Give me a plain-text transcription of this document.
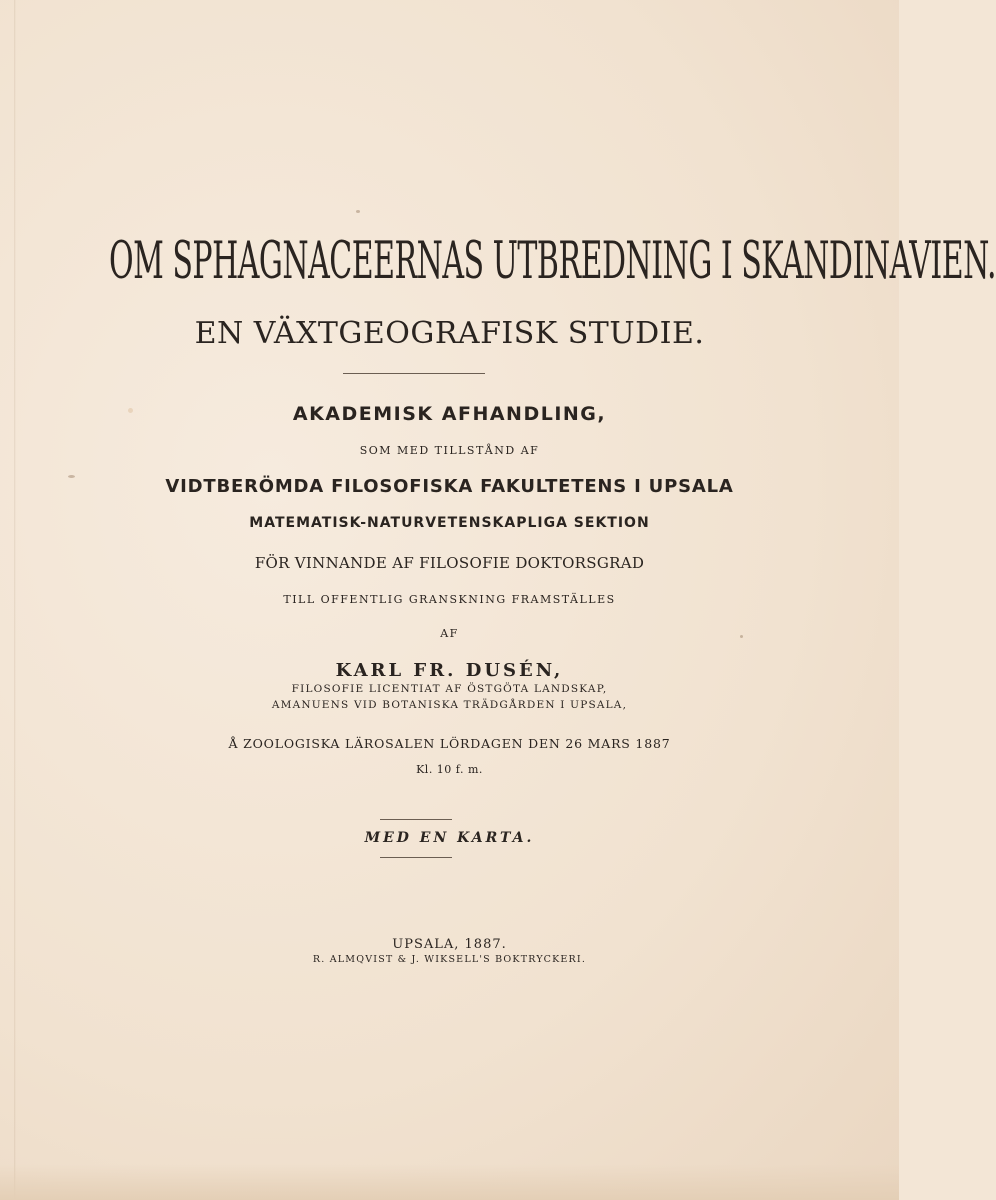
OM SPHAGNACEERNAS UTBREDNING I SKANDINAVIEN.
EN VÄXTGEOGRAFISK STUDIE.
AKADEMISK AFHANDLING,
SOM MED TILLSTÅND AF
VIDTBERÖMDA FILOSOFISKA FAKULTETENS I UPSALA
MATEMATISK-NATURVETENSKAPLIGA SEKTION
FÖR VINNANDE AF FILOSOFIE DOKTORSGRAD
TILL OFFENTLIG GRANSKNING FRAMSTÄLLES
AF
KARL FR. DUSÉN,
FILOSOFIE LICENTIAT AF ÖSTGÖTA LANDSKAP,
AMANUENS VID BOTANISKA TRÄDGÅRDEN I UPSALA,
Å ZOOLOGISKA LÄROSALEN LÖRDAGEN DEN 26 MARS 1887
Kl. 10 f. m.
MED EN KARTA.
UPSALA, 1887.
R. ALMQVIST & J. WIKSELL'S BOKTRYCKERI.
